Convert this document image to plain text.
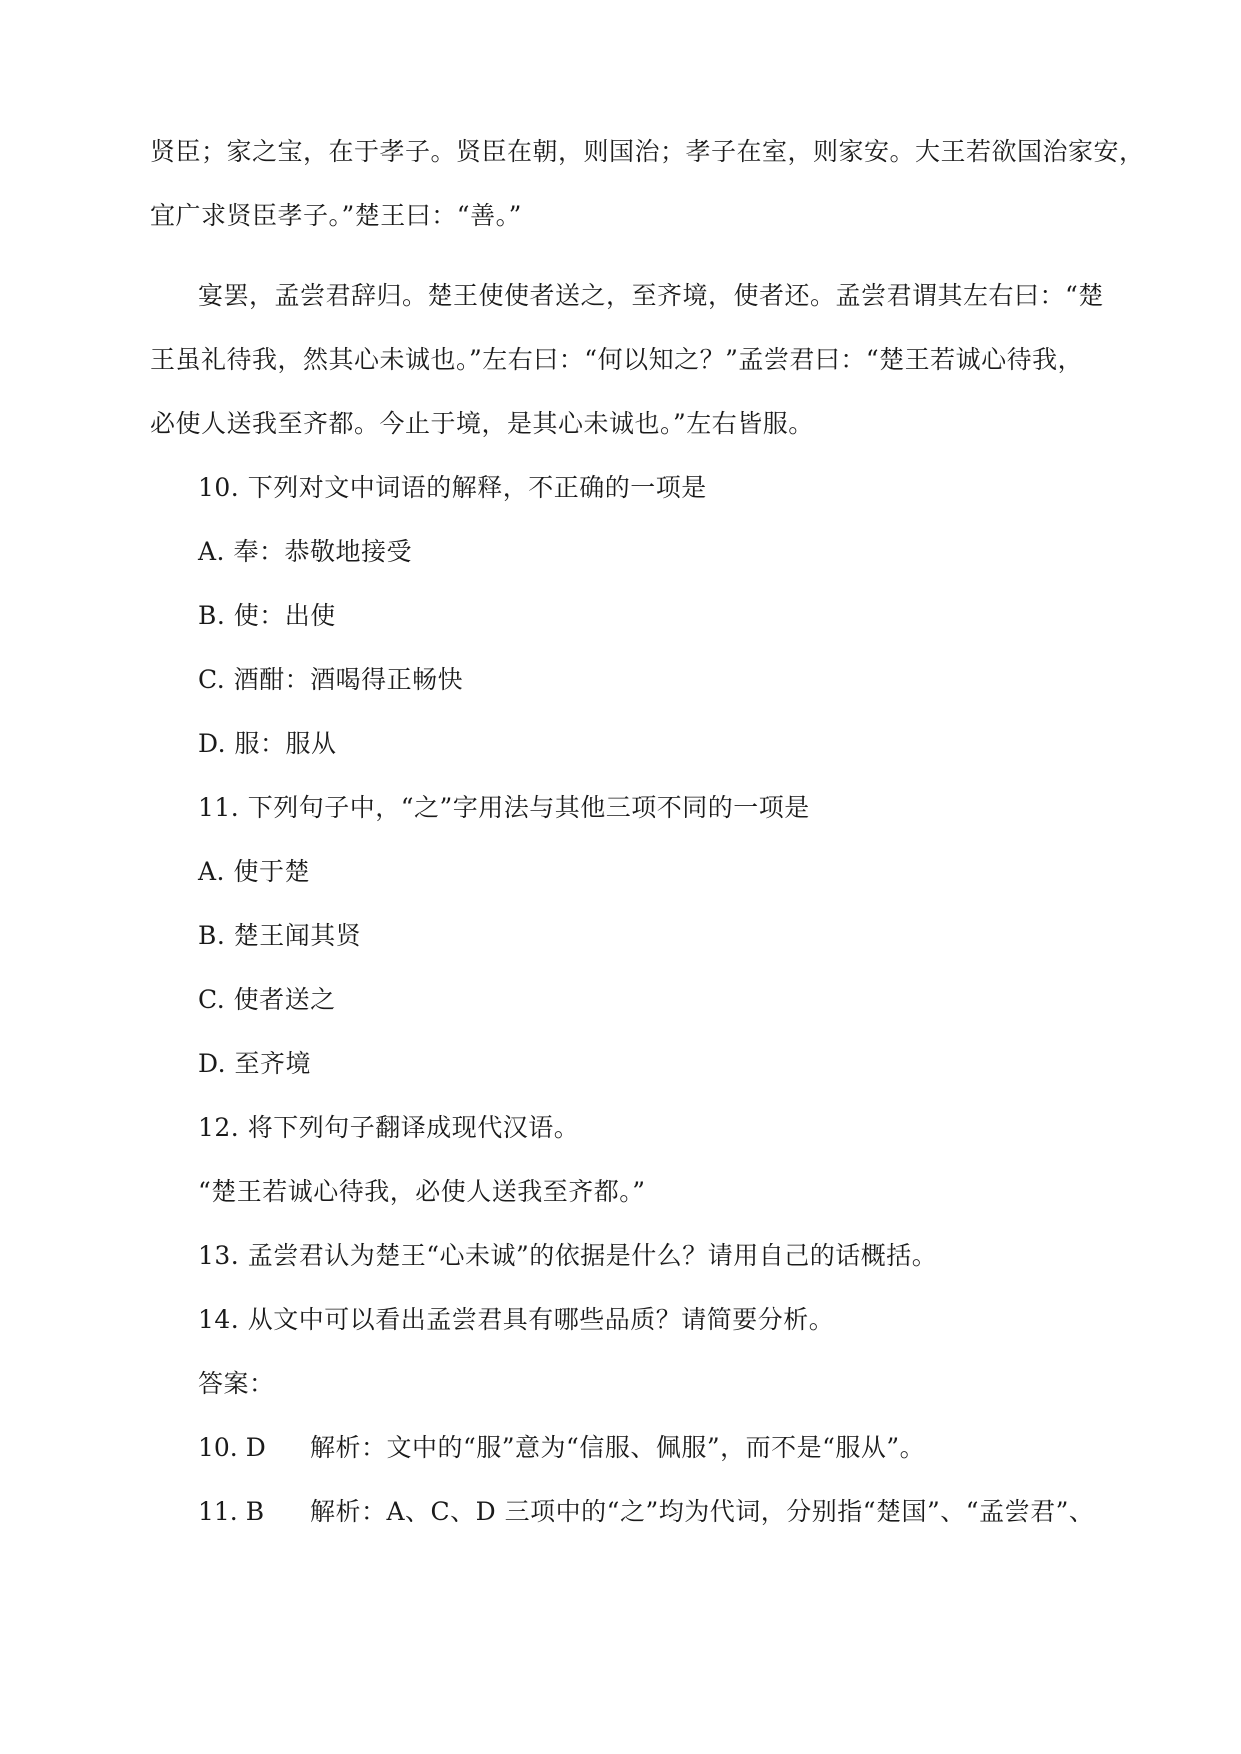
贤臣；家之宝，在于孝子。贤臣在朝，则国治；孝子在室，则家安。大王若欲国治家安，
宜广求贤臣孝子。”楚王曰：“善。”
宴罢，孟尝君辞归。楚王使使者送之，至齐境，使者还。孟尝君谓其左右曰：“楚
王虽礼待我，然其心未诚也。”左右曰：“何以知之？”孟尝君曰：“楚王若诚心待我，
必使人送我至齐都。今止于境，是其心未诚也。”左右皆服。
10. 下列对文中词语的解释，不正确的一项是
A. 奉：恭敬地接受
B. 使：出使
C. 酒酣：酒喝得正畅快
D. 服：服从
11. 下列句子中，“之”字用法与其他三项不同的一项是
A. 使于楚
B. 楚王闻其贤
C. 使者送之
D. 至齐境
12. 将下列句子翻译成现代汉语。
“楚王若诚心待我，必使人送我至齐都。”
13. 孟尝君认为楚王“心未诚”的依据是什么？请用自己的话概括。
14. 从文中可以看出孟尝君具有哪些品质？请简要分析。
答案：
10. D 解析：文中的“服”意为“信服、佩服”，而不是“服从”。
11. B 解析：A、C、D 三项中的“之”均为代词，分别指“楚国”、“孟尝君”、
